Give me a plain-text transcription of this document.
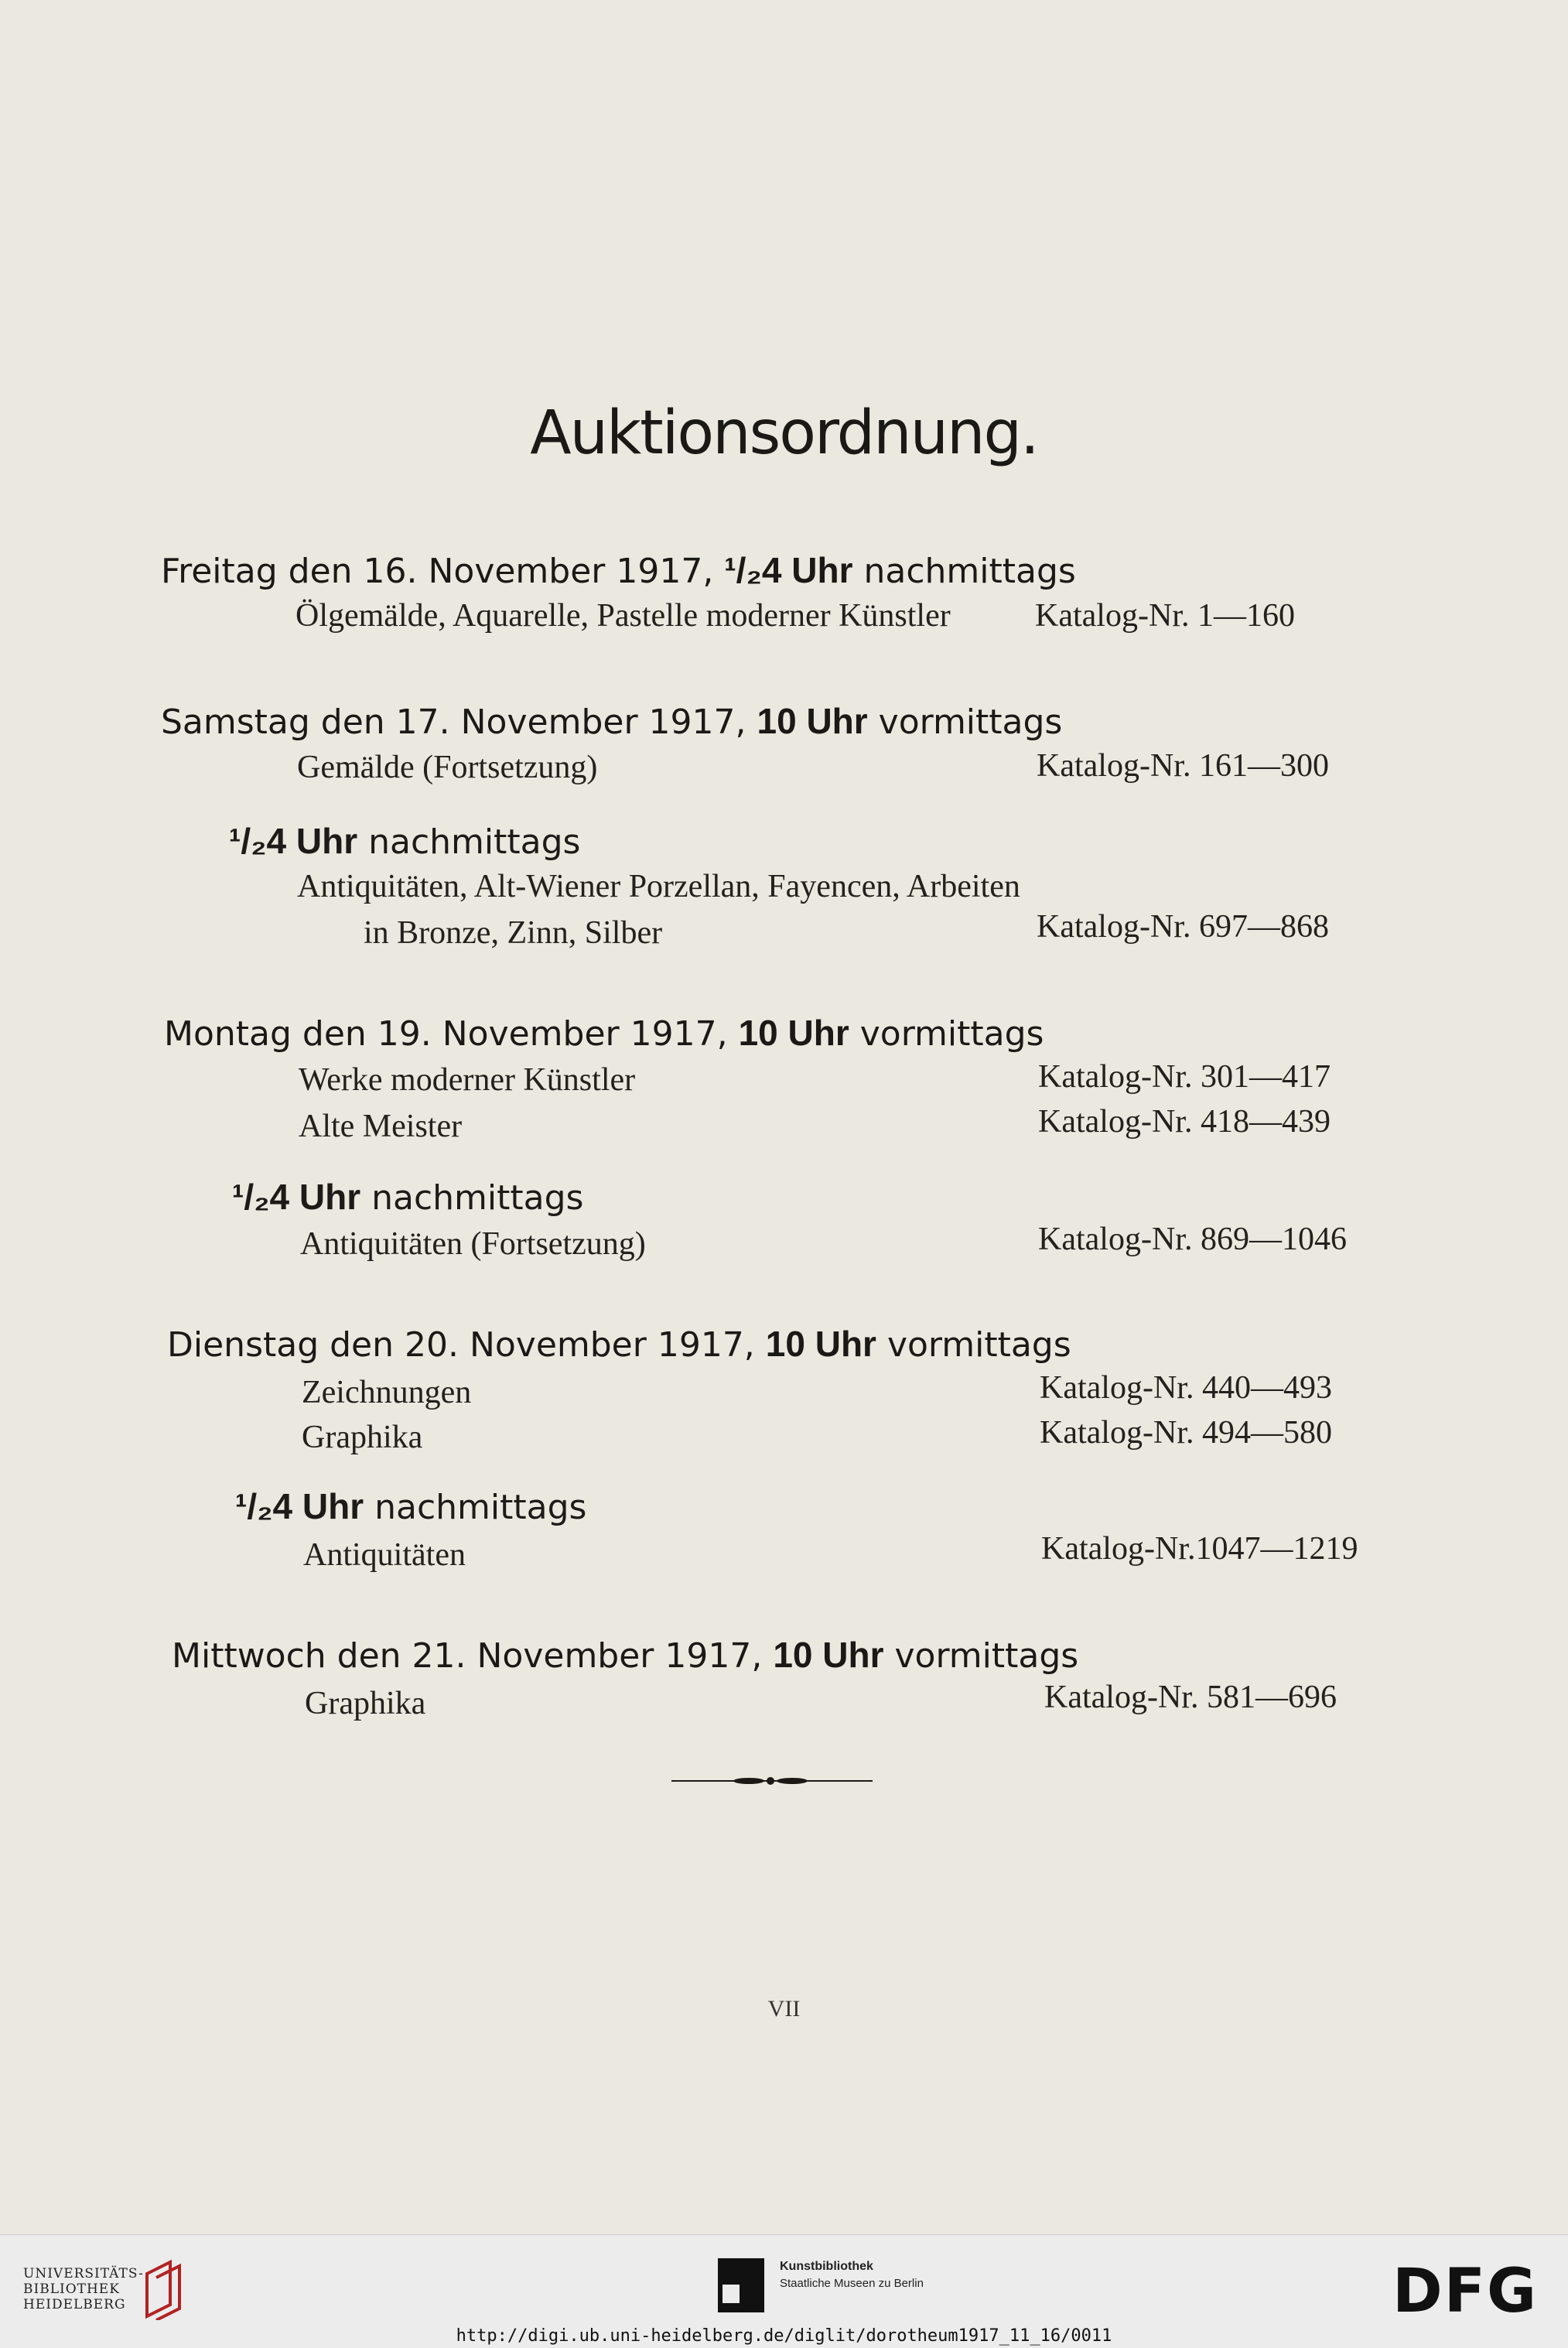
Auktionsordnung.
Freitag den 16. November 1917, ¹/₂4 Uhr nachmittags
Ölgemälde, Aquarelle, Pastelle moderner Künstler	Katalog-Nr. 1—160
Samstag den 17. November 1917, 10 Uhr vormittags
Gemälde (Fortsetzung)	Katalog-Nr. 161—300
¹/₂4 Uhr nachmittags
Antiquitäten, Alt-Wiener Porzellan, Fayencen, Arbeiten
in Bronze, Zinn, Silber	Katalog-Nr. 697—868
Montag den 19. November 1917, 10 Uhr vormittags
Werke moderner Künstler	Katalog-Nr. 301—417
Alte Meister	Katalog-Nr. 418—439
¹/₂4 Uhr nachmittags
Antiquitäten (Fortsetzung)	Katalog-Nr. 869—1046
Dienstag den 20. November 1917, 10 Uhr vormittags
Zeichnungen	Katalog-Nr. 440—493
Graphika	Katalog-Nr. 494—580
¹/₂4 Uhr nachmittags
Antiquitäten	Katalog-Nr.1047—1219
Mittwoch den 21. November 1917, 10 Uhr vormittags
Graphika	Katalog-Nr. 581—696
VII
UNIVERSITÄTS-
BIBLIOTHEK
HEIDELBERG
Kunstbibliothek
Staatliche Museen zu Berlin	DFG
http://digi.ub.uni-heidelberg.de/diglit/dorotheum1917_11_16/0011
